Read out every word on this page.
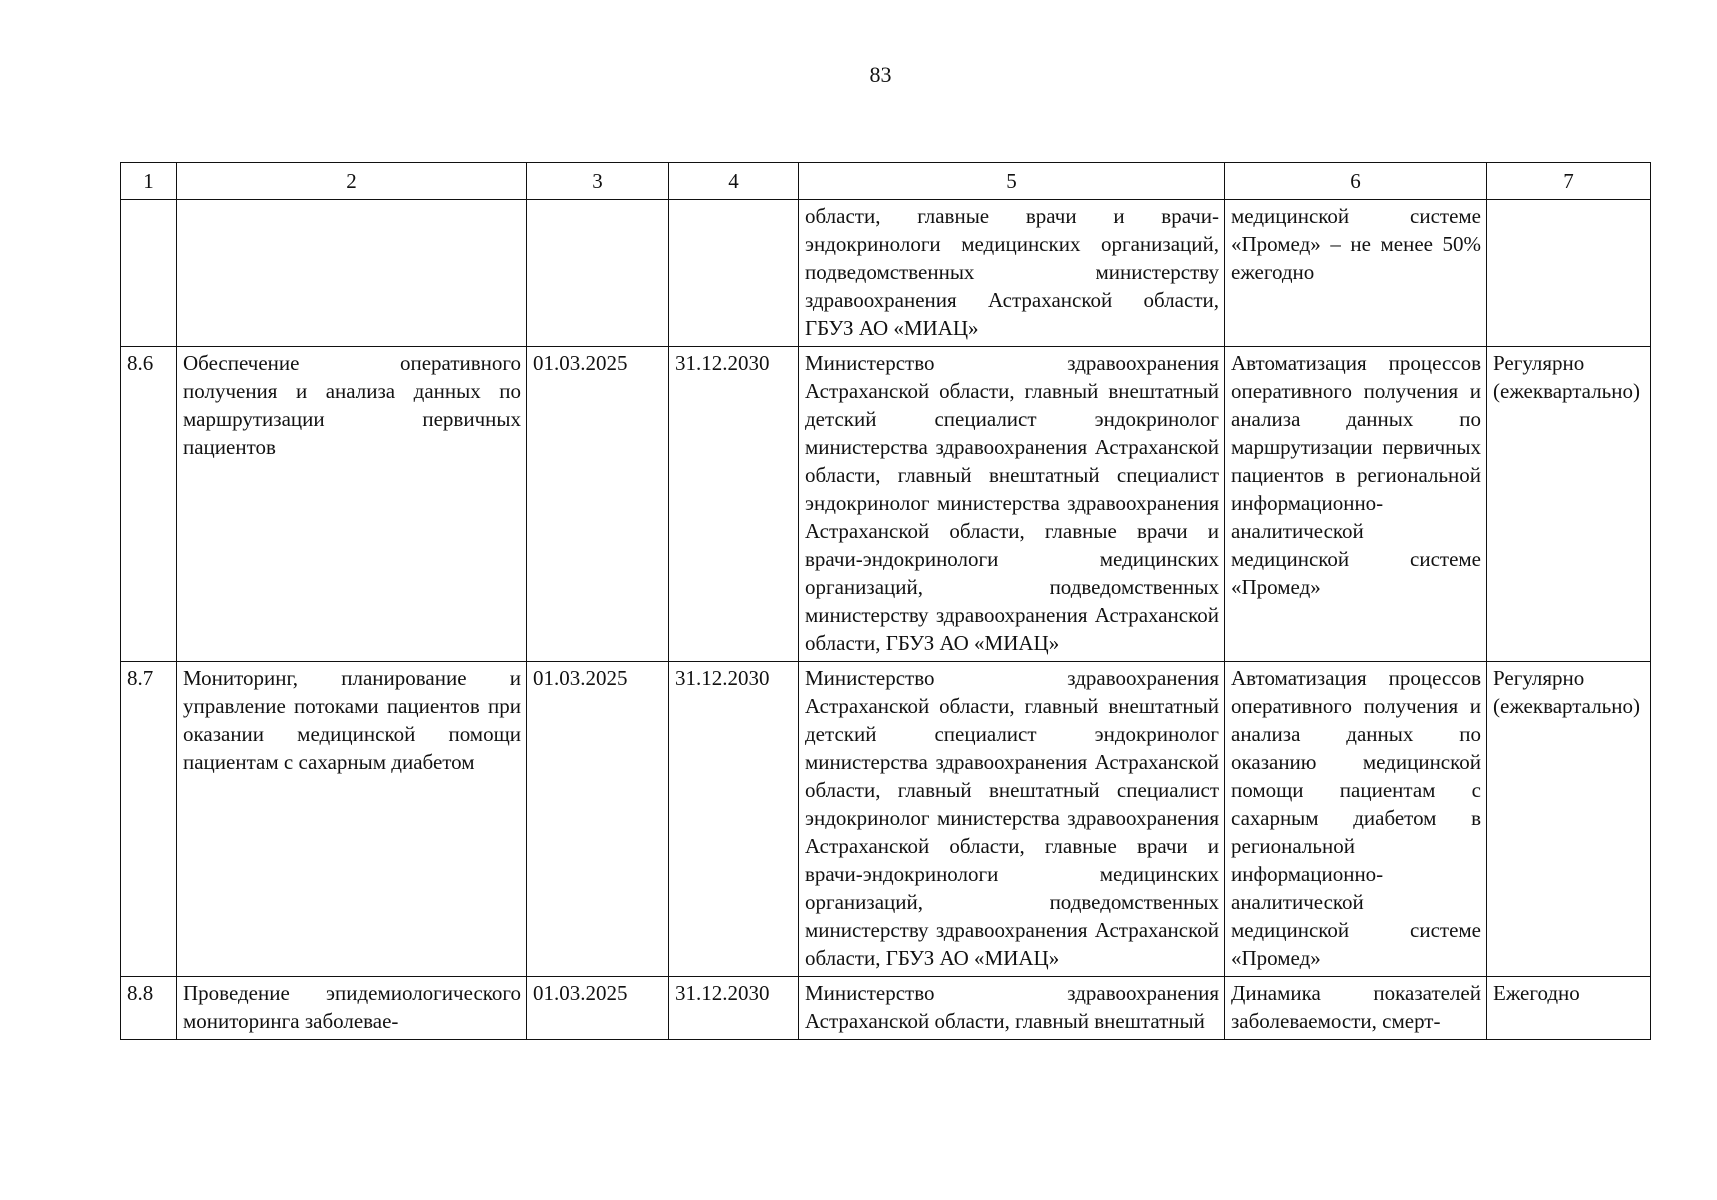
83
1	2	3	4	5	6	7
				области, главные врачи и врачи-эндокринологи медицинских организаций, подведомственных министерству здравоохранения Астраханской области, ГБУЗ АО «МИАЦ»	медицинской системе «Промед» – не менее 50% ежегодно	
8.6	Обеспечение оперативного получения и анализа данных по маршрутизации первичных пациентов	01.03.2025	31.12.2030	Министерство здравоохранения Астраханской области, главный внештатный детский специалист эндокринолог министерства здравоохранения Астраханской области, главный внештатный специалист эндокринолог министерства здравоохранения Астраханской области, главные врачи и врачи-эндокринологи медицинских организаций, подведомственных министерству здравоохранения Астраханской области, ГБУЗ АО «МИАЦ»	Автоматизация процессов оперативного получения и анализа данных по маршрутизации первичных пациентов в региональной информационно-аналитической медицинской системе «Промед»	Регулярно (ежеквартально)
8.7	Мониторинг, планирование и управление потоками пациентов при оказании медицинской помощи пациентам с сахарным диабетом	01.03.2025	31.12.2030	Министерство здравоохранения Астраханской области, главный внештатный детский специалист эндокринолог министерства здравоохранения Астраханской области, главный внештатный специалист эндокринолог министерства здравоохранения Астраханской области, главные врачи и врачи-эндокринологи медицинских организаций, подведомственных министерству здравоохранения Астраханской области, ГБУЗ АО «МИАЦ»	Автоматизация процессов оперативного получения и анализа данных по оказанию медицинской помощи пациентам с сахарным диабетом в региональной информационно-аналитической медицинской системе «Промед»	Регулярно (ежеквартально)
8.8	Проведение эпидемиологического мониторинга заболевае-	01.03.2025	31.12.2030	Министерство здравоохранения Астраханской области, главный внештатный	Динамика показателей заболеваемости, смерт-	Ежегодно
